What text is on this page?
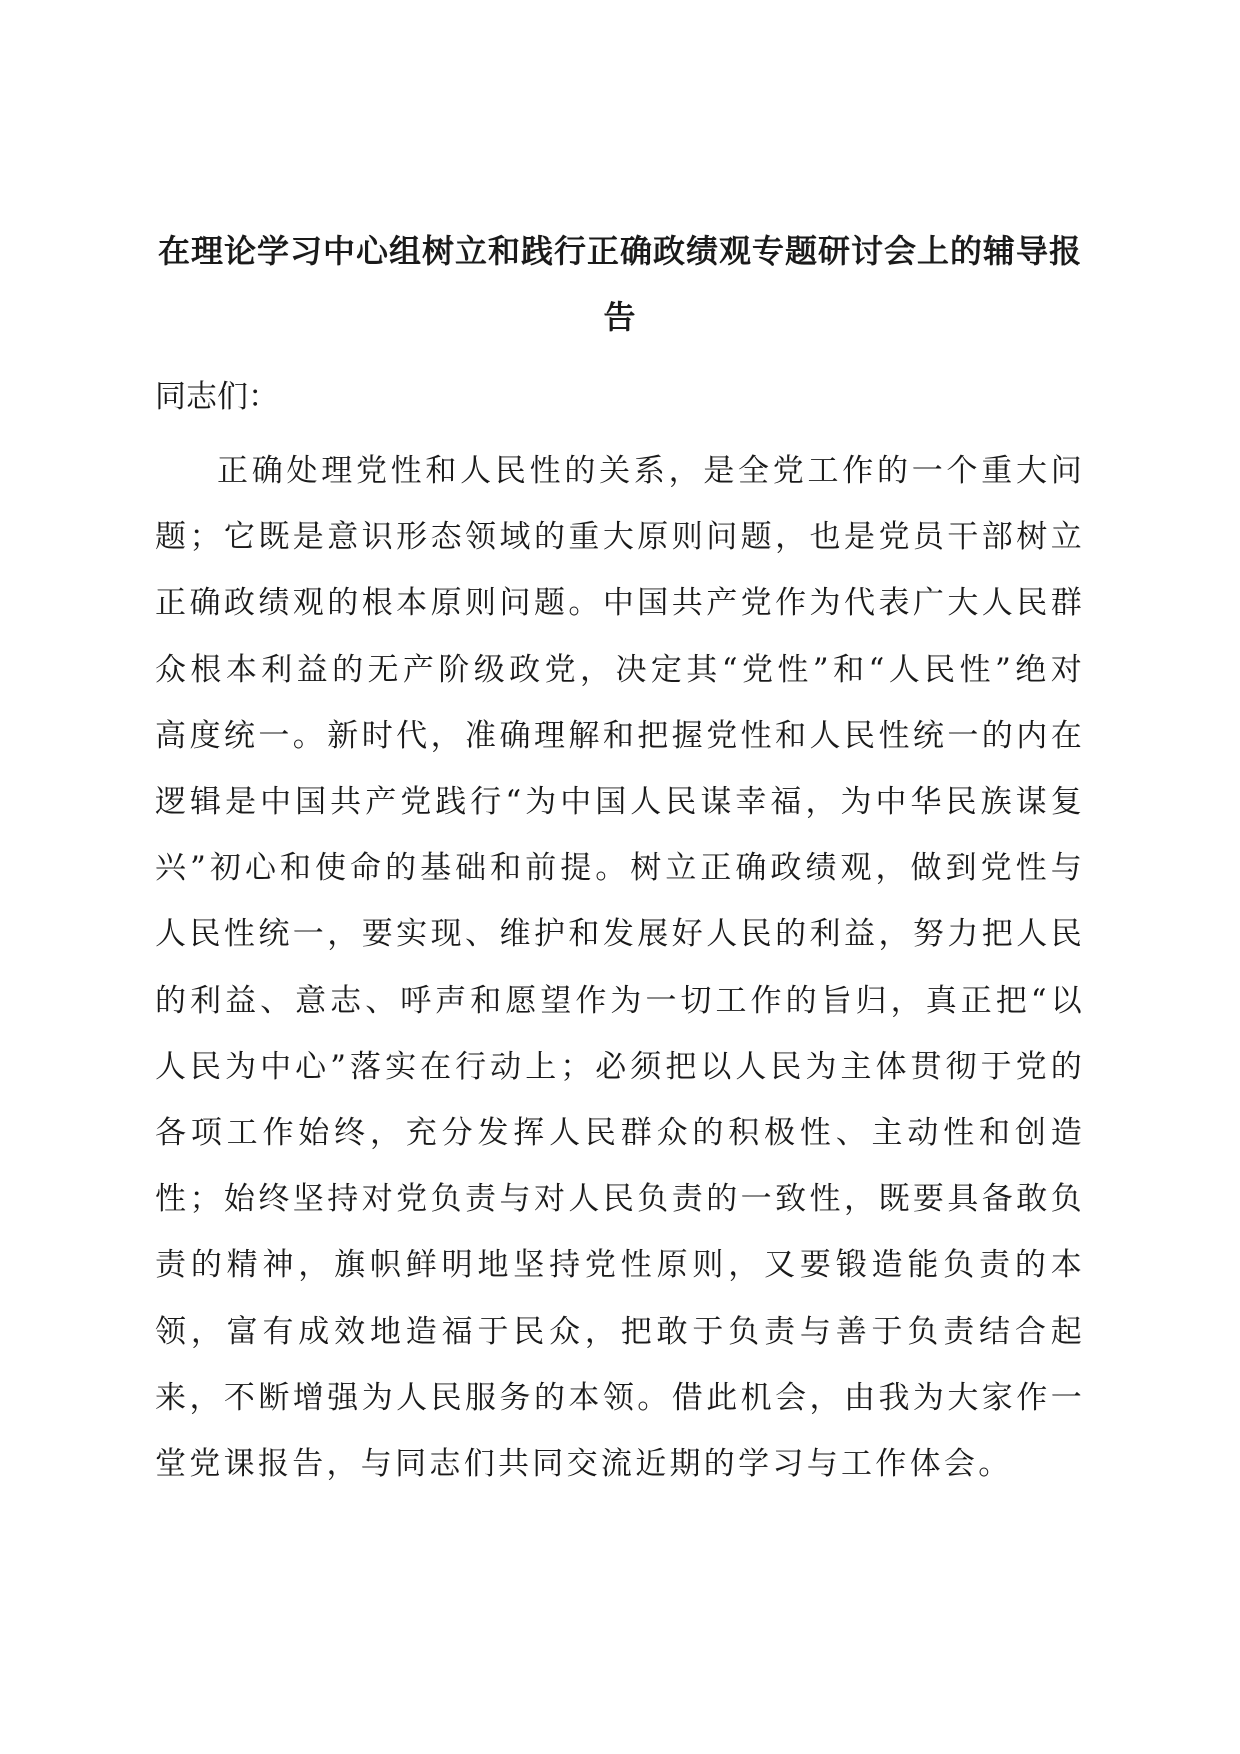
在理论学习中心组树立和践行正确政绩观专题研讨会上的辅导报告

同志们：

正确处理党性和人民性的关系，是全党工作的一个重大问题；它既是意识形态领域的重大原则问题，也是党员干部树立正确政绩观的根本原则问题。中国共产党作为代表广大人民群众根本利益的无产阶级政党，决定其“党性”和“人民性”绝对高度统一。新时代，准确理解和把握党性和人民性统一的内在逻辑是中国共产党践行“为中国人民谋幸福，为中华民族谋复兴”初心和使命的基础和前提。树立正确政绩观，做到党性与人民性统一，要实现、维护和发展好人民的利益，努力把人民的利益、意志、呼声和愿望作为一切工作的旨归，真正把“以人民为中心”落实在行动上；必须把以人民为主体贯彻于党的各项工作始终，充分发挥人民群众的积极性、主动性和创造性；始终坚持对党负责与对人民负责的一致性，既要具备敢负责的精神，旗帜鲜明地坚持党性原则，又要锻造能负责的本领，富有成效地造福于民众，把敢于负责与善于负责结合起来，不断增强为人民服务的本领。借此机会，由我为大家作一堂党课报告，与同志们共同交流近期的学习与工作体会。
